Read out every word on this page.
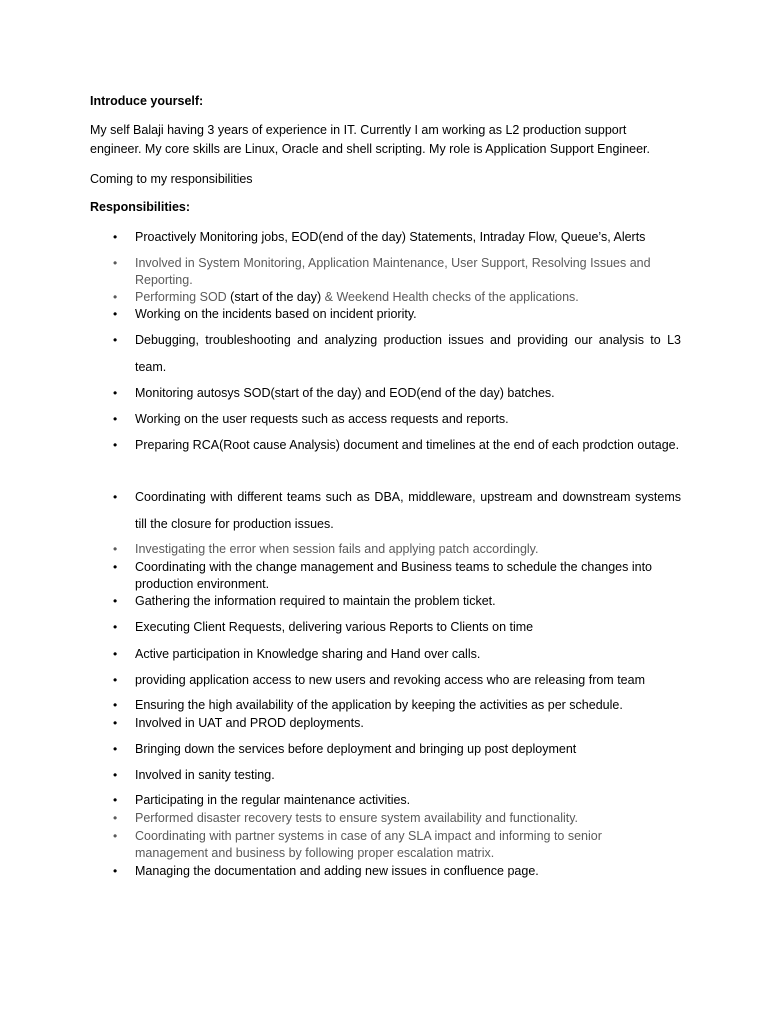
Introduce yourself:
My self Balaji having 3 years of experience in IT. Currently I am working as L2 production support engineer. My core skills are Linux, Oracle and shell scripting. My role is Application Support Engineer.
Coming to my responsibilities
Responsibilities:
•	Proactively Monitoring jobs, EOD(end of the day) Statements, Intraday Flow, Queue’s, Alerts
•	Involved in System Monitoring, Application Maintenance, User Support, Resolving Issues and Reporting.
•	Performing SOD (start of the day) & Weekend Health checks of the applications.
•	Working on the incidents based on incident priority.
•	Debugging, troubleshooting and analyzing production issues and providing our analysis to L3 team.
•	Monitoring autosys SOD(start of the day) and EOD(end of the day) batches.
•	Working on the user requests such as access requests and reports.
•	Preparing RCA(Root cause Analysis) document and timelines at the end of each prodction outage.
•	Coordinating with different teams such as DBA, middleware, upstream and downstream systems till the closure for production issues.
•	Investigating the error when session fails and applying patch accordingly.
•	Coordinating with the change management and Business teams to schedule the changes into production environment.
•	Gathering the information required to maintain the problem ticket.
•	Executing Client Requests, delivering various Reports to Clients on time
•	Active participation in Knowledge sharing and Hand over calls.
•	providing application access to new users and revoking access who are releasing from team
•	Ensuring the high availability of the application by keeping the activities as per schedule.
•	Involved in UAT and PROD deployments.
•	Bringing down the services before deployment and bringing up post deployment
•	Involved in sanity testing.
•	Participating in the regular maintenance activities.
•	Performed disaster recovery tests to ensure system availability and functionality.
•	Coordinating with partner systems in case of any SLA impact and informing to senior management and business by following proper escalation matrix.
•	Managing the documentation and adding new issues in confluence page.
